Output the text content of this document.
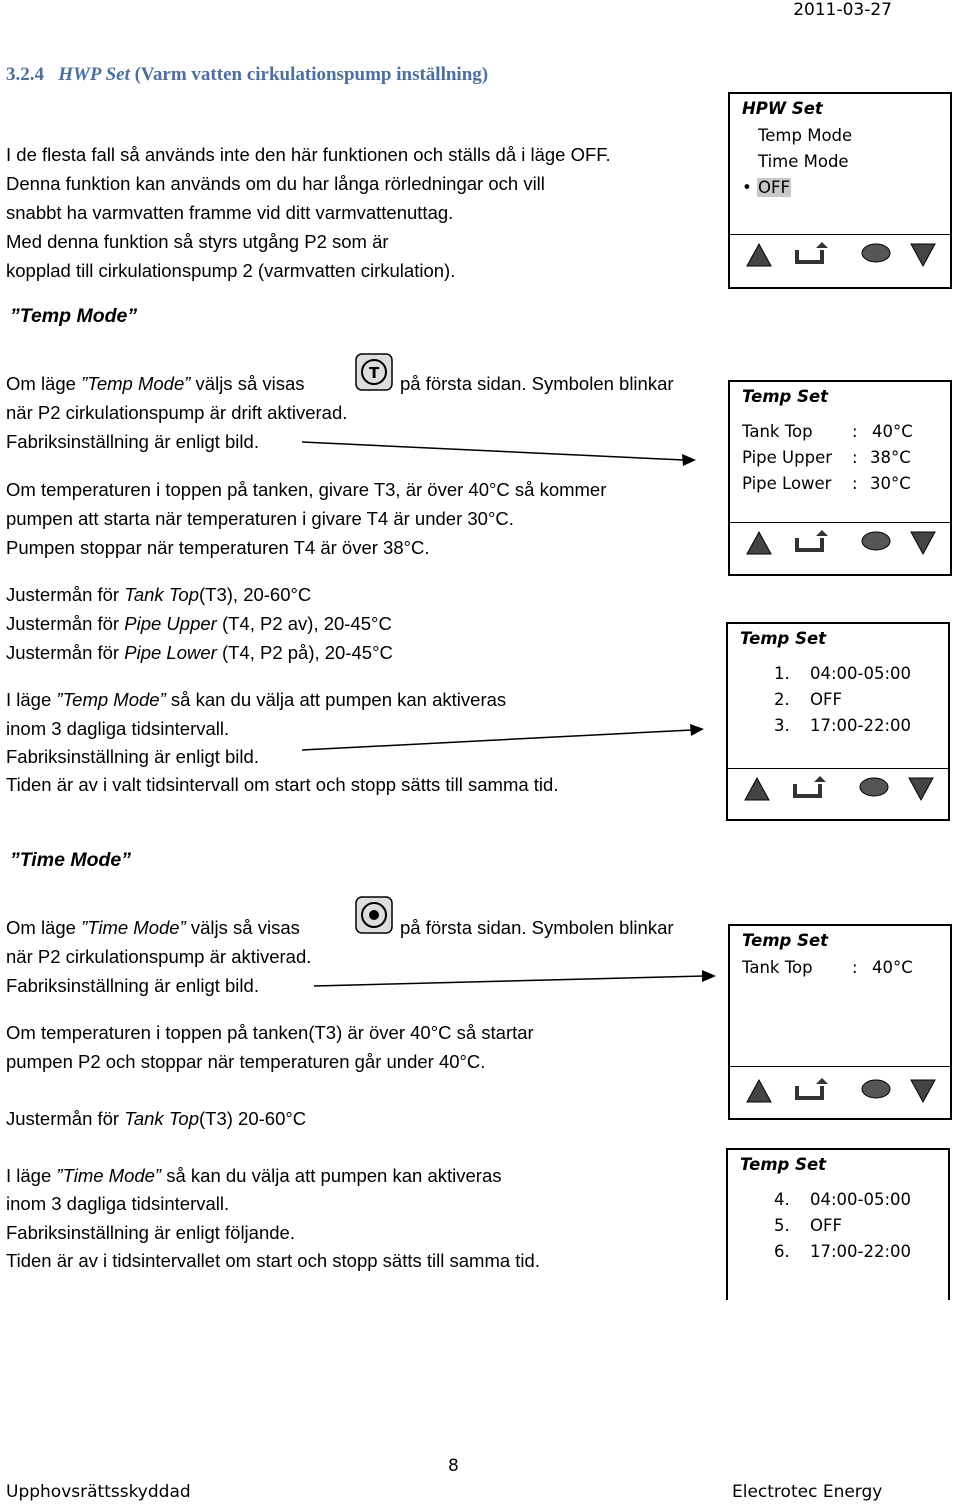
2011-03-27
3.2.4 HWP Set (Varm vatten cirkulationspump inställning)
I de flesta fall så används inte den här funktionen och ställs då i läge OFF.
Denna funktion kan används om du har långa rörledningar och vill
snabbt ha varmvatten framme vid ditt varmvattenuttag.
Med denna funktion så styrs utgång P2 som är
kopplad till cirkulationspump 2 (varmvatten cirkulation).
HPW Set
Temp Mode
Time Mode
• OFF
”Temp Mode”
Om läge ”Temp Mode” väljs så visas	T på första sidan. Symbolen blinkar
när P2 cirkulationspump är drift aktiverad.
Fabriksinställning är enligt bild.
Om temperaturen i toppen på tanken, givare T3, är över 40°C så kommer
pumpen att starta när temperaturen i givare T4 är under 30°C.
Pumpen stoppar när temperaturen T4 är över 38°C.
Justermån för Tank Top(T3), 20-60°C
Justermån för Pipe Upper (T4, P2 av), 20-45°C
Justermån för Pipe Lower (T4, P2 på), 20-45°C
I läge ”Temp Mode” så kan du välja att pumpen kan aktiveras
inom 3 dagliga tidsintervall.
Fabriksinställning är enligt bild.
Tiden är av i valt tidsintervall om start och stopp sätts till samma tid.
Temp Set
Tank Top : 40°C
Pipe Upper : 38°C
Pipe Lower : 30°C
Temp Set
1. 04:00-05:00
2. OFF
3. 17:00-22:00
”Time Mode”
Om läge ”Time Mode” väljs så visas	på första sidan. Symbolen blinkar
när P2 cirkulationspump är aktiverad.
Fabriksinställning är enligt bild.
Om temperaturen i toppen på tanken(T3) är över 40°C så startar
pumpen P2 och stoppar när temperaturen går under 40°C.
Justermån för Tank Top(T3) 20-60°C
I läge ”Time Mode” så kan du välja att pumpen kan aktiveras
inom 3 dagliga tidsintervall.
Fabriksinställning är enligt följande.
Tiden är av i tidsintervallet om start och stopp sätts till samma tid.
Temp Set
Tank Top : 40°C
Temp Set
4. 04:00-05:00
5. OFF
6. 17:00-22:00
8
Upphovsrättsskyddad	Electrotec Energy
